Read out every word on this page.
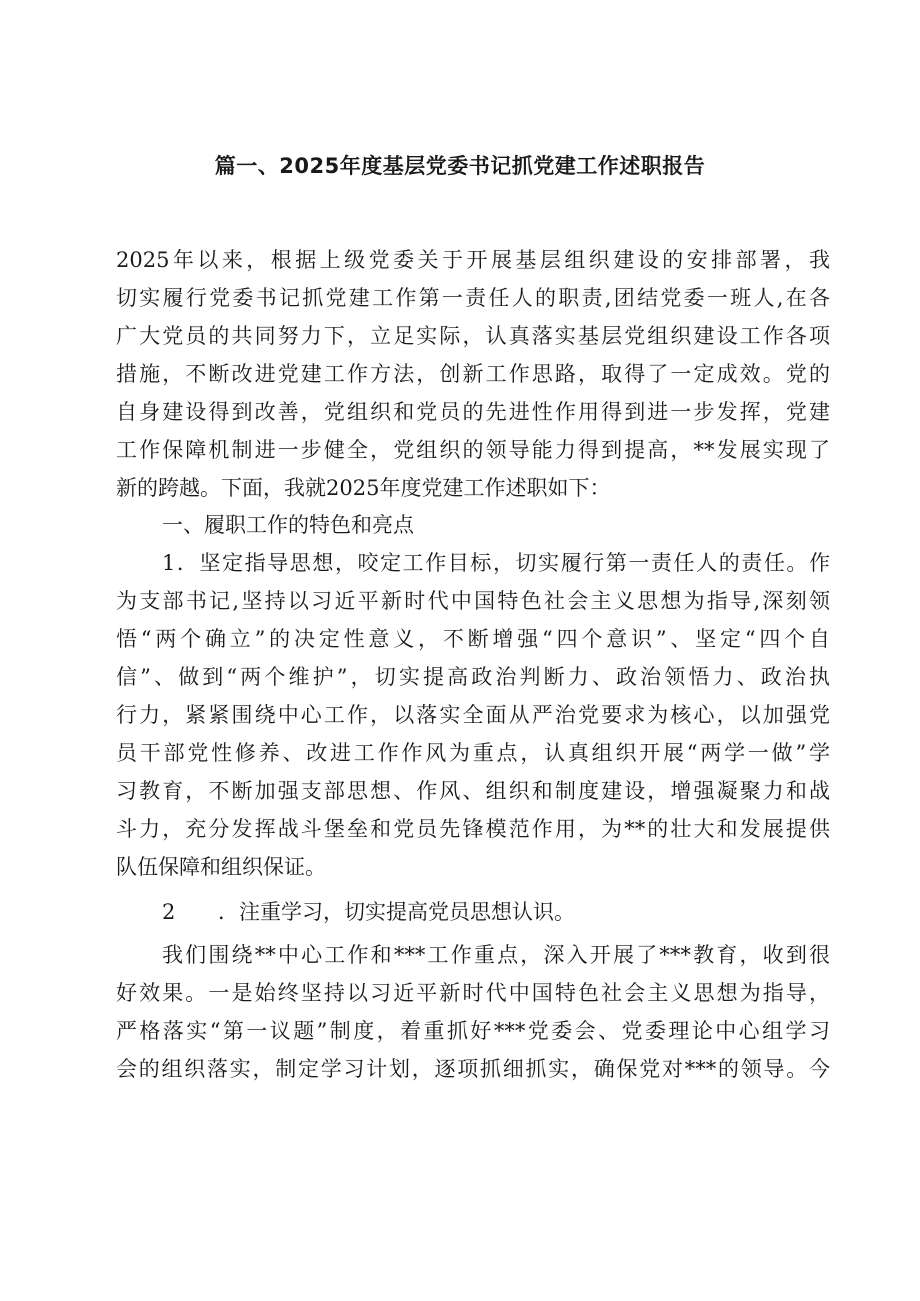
篇一、2025年度基层党委书记抓党建工作述职报告
2025年以来，根据上级党委关于开展基层组织建设的安排部署，我
切实履行党委书记抓党建工作第一责任人的职责,团结党委一班人,在各
广大党员的共同努力下，立足实际，认真落实基层党组织建设工作各项
措施，不断改进党建工作方法，创新工作思路，取得了一定成效。党的
自身建设得到改善，党组织和党员的先进性作用得到进一步发挥，党建
工作保障机制进一步健全，党组织的领导能力得到提高，**发展实现了
新的跨越。下面，我就2025年度党建工作述职如下：
一、履职工作的特色和亮点
1．坚定指导思想，咬定工作目标，切实履行第一责任人的责任。作
为支部书记,坚持以习近平新时代中国特色社会主义思想为指导,深刻领
悟“两个确立”的决定性意义，不断增强“四个意识”、坚定“四个自
信”、做到“两个维护”，切实提高政治判断力、政治领悟力、政治执
行力，紧紧围绕中心工作，以落实全面从严治党要求为核心，以加强党
员干部党性修养、改进工作作风为重点，认真组织开展“两学一做”学
习教育，不断加强支部思想、作风、组织和制度建设，增强凝聚力和战
斗力，充分发挥战斗堡垒和党员先锋模范作用，为**的壮大和发展提供
队伍保障和组织保证。
2 ．注重学习，切实提高党员思想认识。
我们围绕**中心工作和***工作重点，深入开展了***教育，收到很
好效果。一是始终坚持以习近平新时代中国特色社会主义思想为指导，
严格落实“第一议题”制度，着重抓好***党委会、党委理论中心组学习
会的组织落实，制定学习计划，逐项抓细抓实，确保党对***的领导。今
